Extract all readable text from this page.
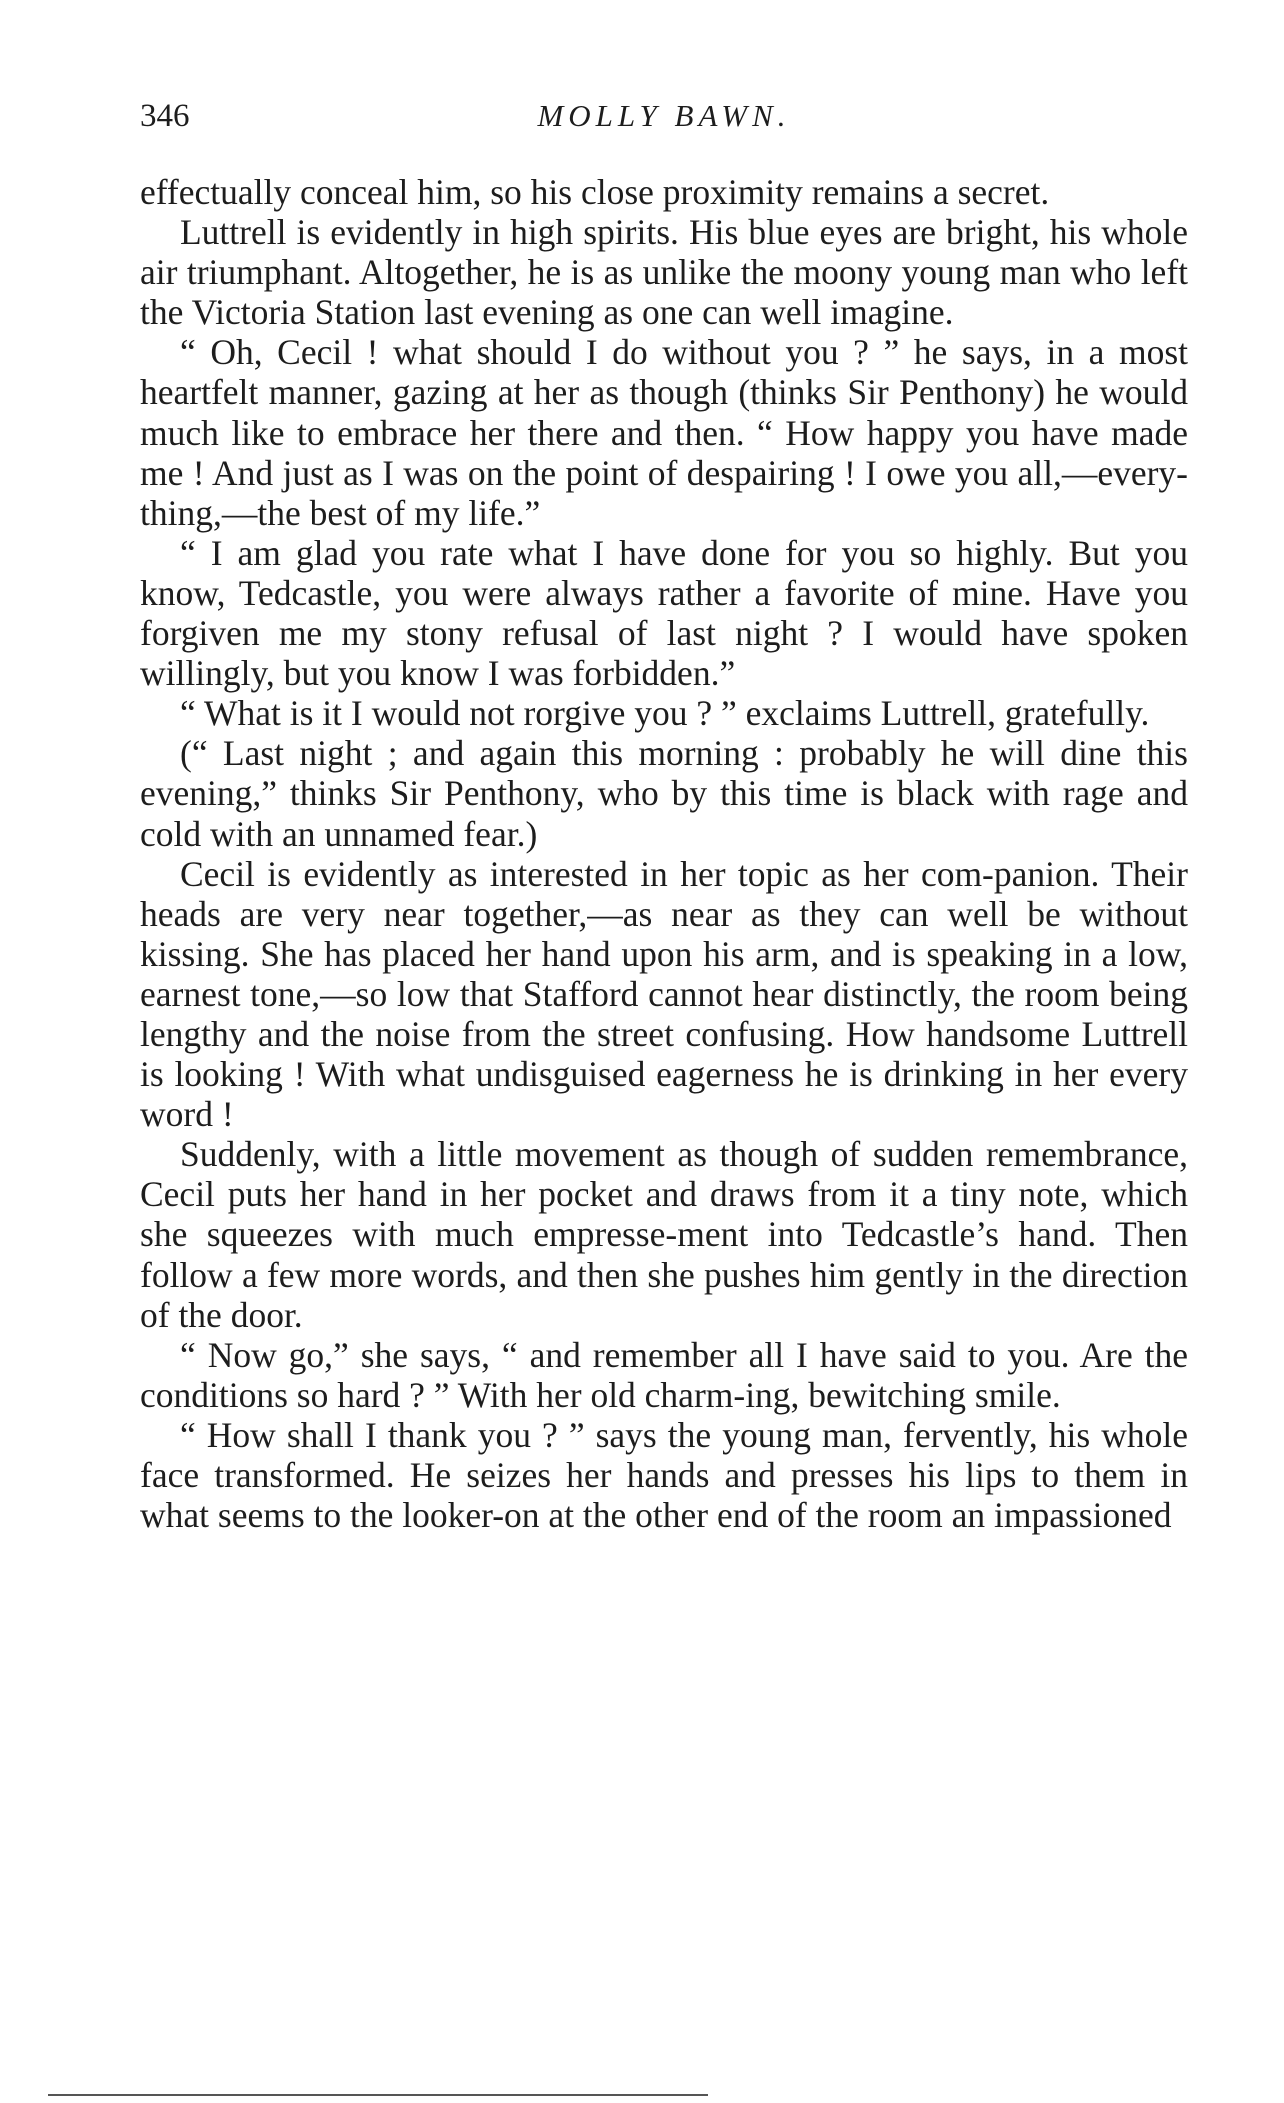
346	MOLLY BAWN.

effectually conceal him, so his close proximity remains a secret.

Luttrell is evidently in high spirits. His blue eyes are bright, his whole air triumphant. Altogether, he is as unlike the moony young man who left the Victoria Station last evening as one can well imagine.

“ Oh, Cecil ! what should I do without you ? ” he says, in a most heartfelt manner, gazing at her as though (thinks Sir Penthony) he would much like to embrace her there and then. “ How happy you have made me ! And just as I was on the point of despairing ! I owe you all,—every-thing,—the best of my life.”

“ I am glad you rate what I have done for you so highly. But you know, Tedcastle, you were always rather a favorite of mine. Have you forgiven me my stony refusal of last night ? I would have spoken willingly, but you know I was forbidden.”

“ What is it I would not rorgive you ? ” exclaims Luttrell, gratefully.

(“ Last night ; and again this morning : probably he will dine this evening,” thinks Sir Penthony, who by this time is black with rage and cold with an unnamed fear.)

Cecil is evidently as interested in her topic as her com-panion. Their heads are very near together,—as near as they can well be without kissing. She has placed her hand upon his arm, and is speaking in a low, earnest tone,—so low that Stafford cannot hear distinctly, the room being lengthy and the noise from the street confusing. How handsome Luttrell is looking ! With what undisguised eagerness he is drinking in her every word !

Suddenly, with a little movement as though of sudden remembrance, Cecil puts her hand in her pocket and draws from it a tiny note, which she squeezes with much empresse-ment into Tedcastle’s hand. Then follow a few more words, and then she pushes him gently in the direction of the door.

“ Now go,” she says, “ and remember all I have said to you. Are the conditions so hard ? ” With her old charm-ing, bewitching smile.

“ How shall I thank you ? ” says the young man, fervently, his whole face transformed. He seizes her hands and presses his lips to them in what seems to the looker-on at the other end of the room an impassioned
